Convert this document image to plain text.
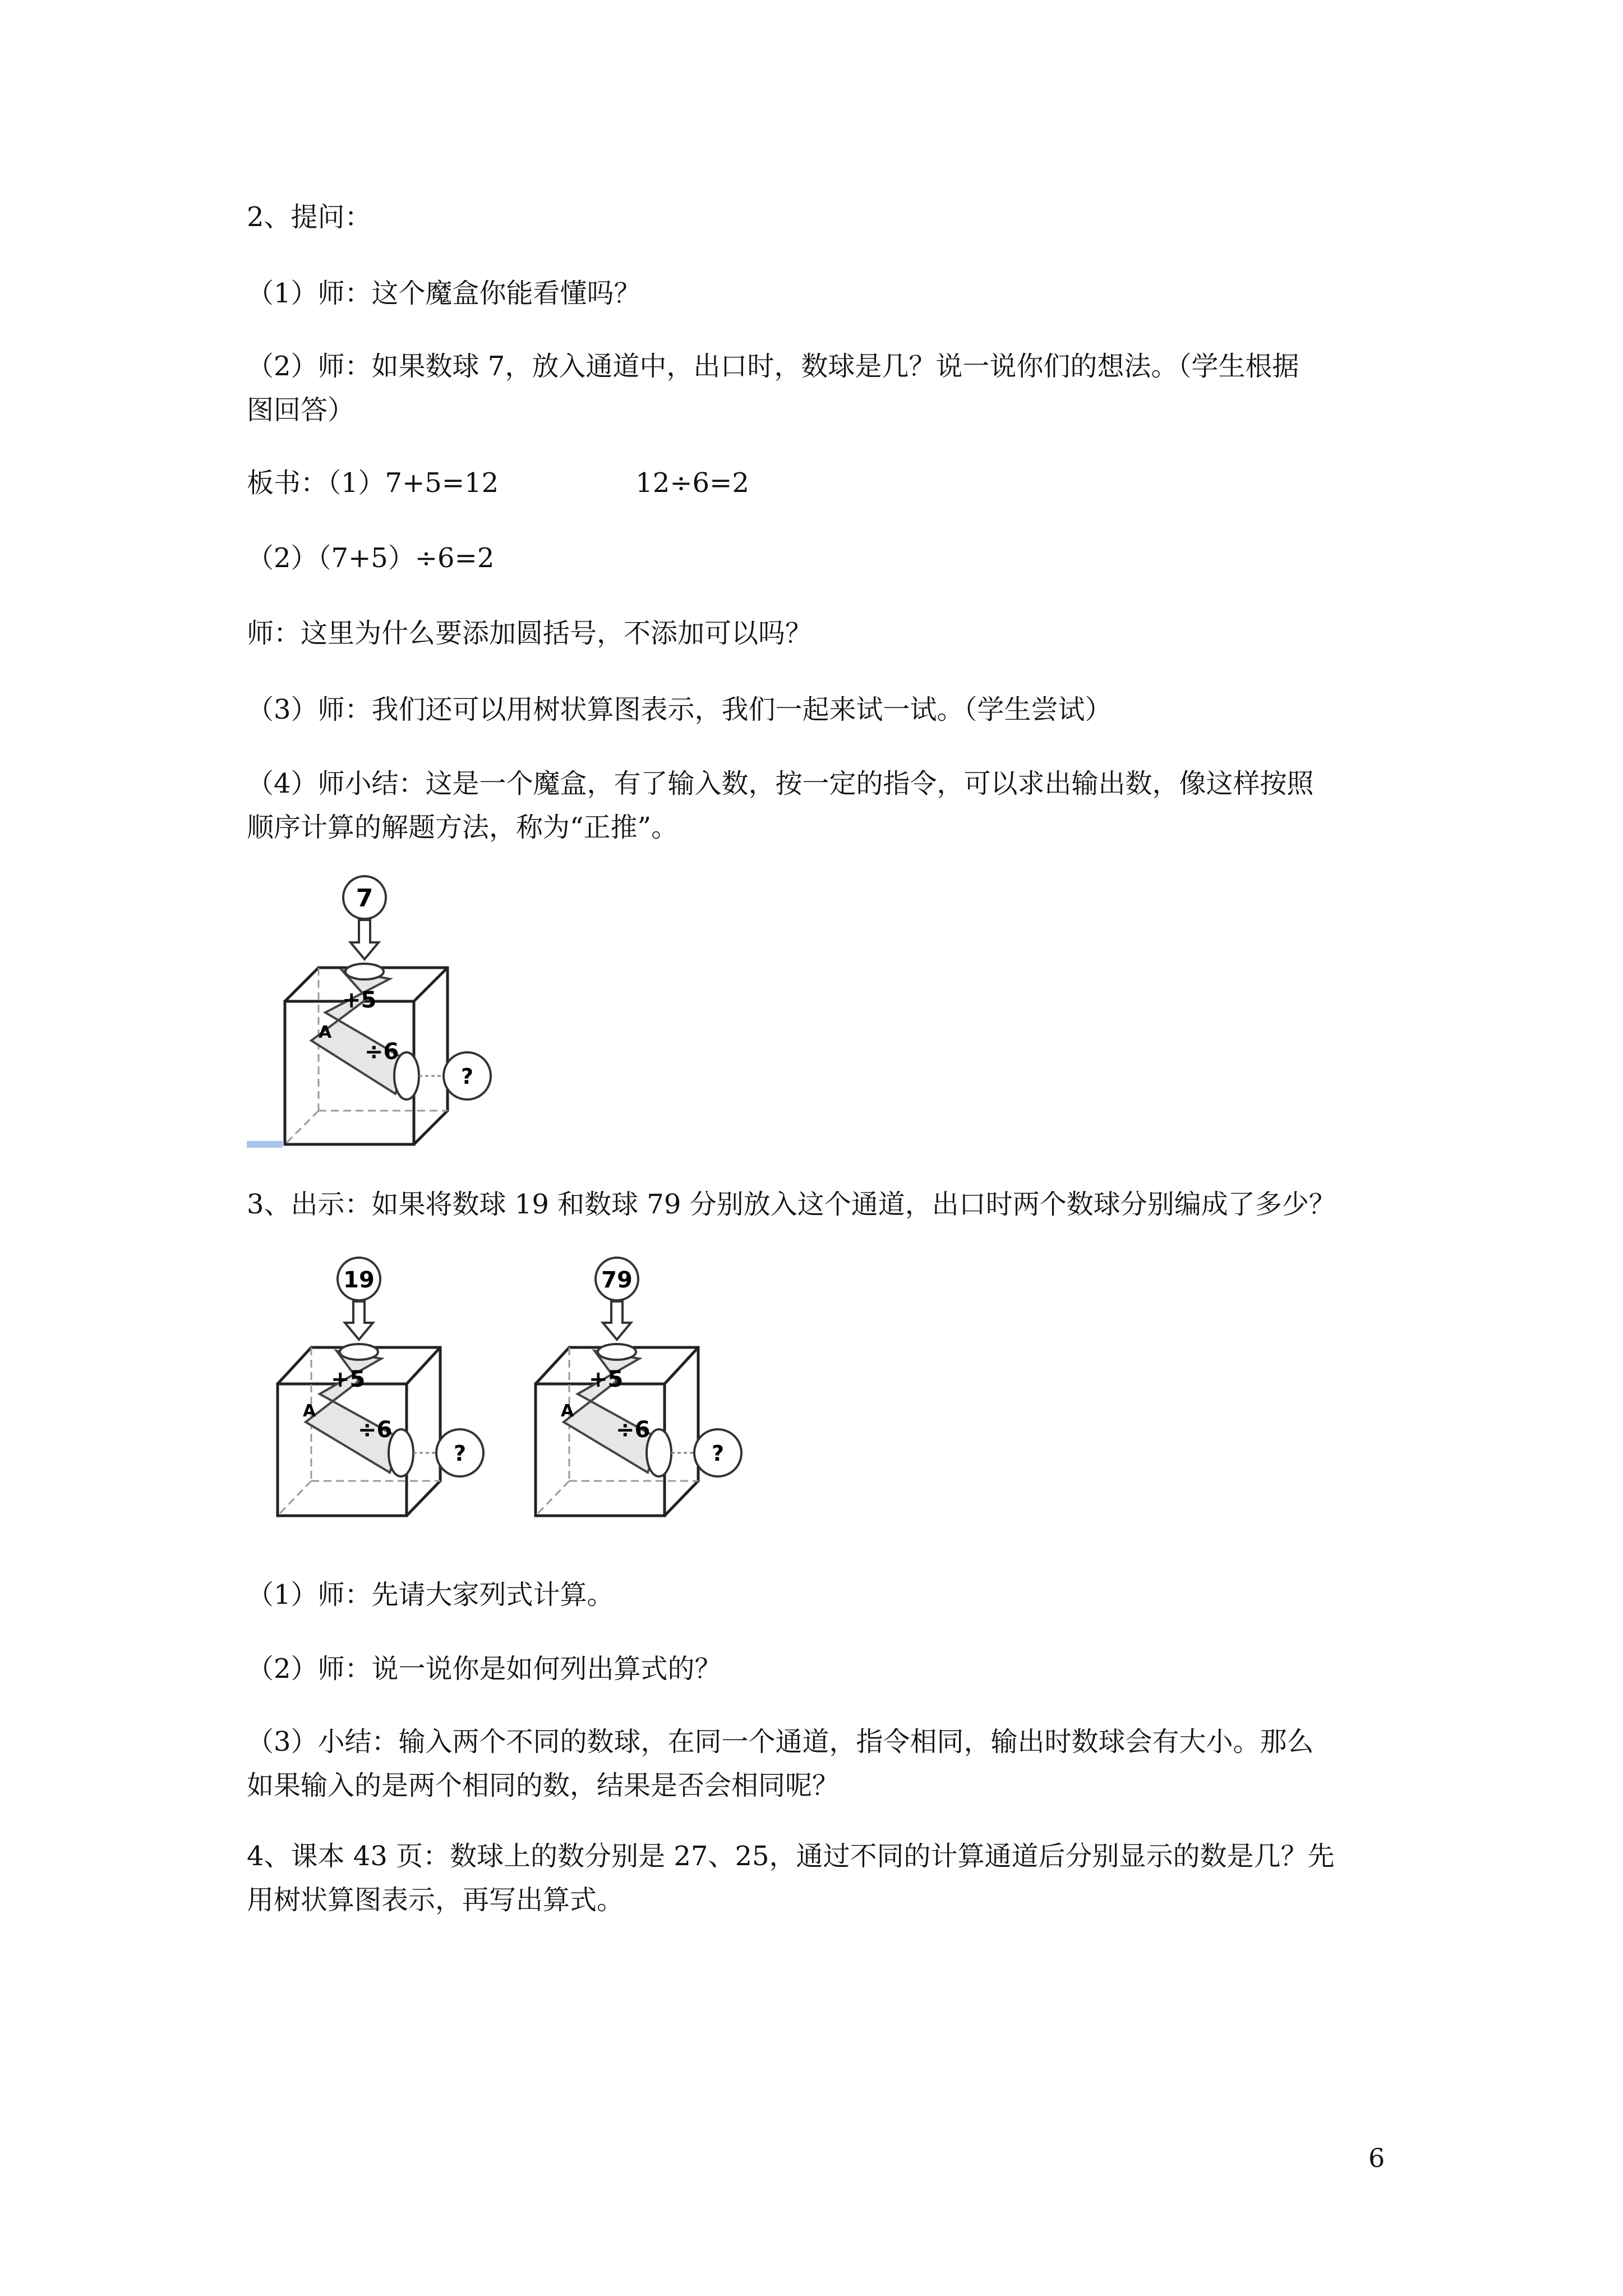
2、提问：

（1）师：这个魔盒你能看懂吗？

（2）师：如果数球 7，放入通道中，出口时，数球是几？说一说你们的想法。（学生根据
图回答）

板书：（1）7+5=12                12÷6=2

（2）（7+5）÷6=2

师：这里为什么要添加圆括号，不添加可以吗？

（3）师：我们还可以用树状算图表示，我们一起来试一试。（学生尝试）

（4）师小结：这是一个魔盒，有了输入数，按一定的指令，可以求出输出数，像这样按照
顺序计算的解题方法，称为“正推”。

7
+5
A
÷6
?

3、出示：如果将数球 19 和数球 79 分别放入这个通道，出口时两个数球分别编成了多少？

19
+5
A
÷6
?
79
+5
A
÷6
?

（1）师：先请大家列式计算。

（2）师：说一说你是如何列出算式的？

（3）小结：输入两个不同的数球，在同一个通道，指令相同，输出时数球会有大小。那么
如果输入的是两个相同的数，结果是否会相同呢？

4、课本 43 页：数球上的数分别是 27、25，通过不同的计算通道后分别显示的数是几？先
用树状算图表示，再写出算式。

6
